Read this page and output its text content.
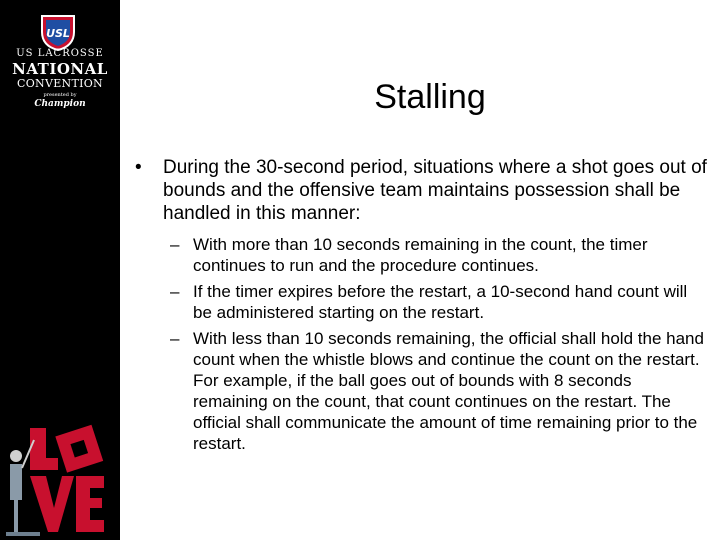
USL
US LACROSSE
NATIONAL
CONVENTION
presented by
Champion	Stalling

• During the 30-second period, situations where a shot goes out of bounds and the offensive team maintains possession shall be handled in this manner:

– With more than 10 seconds remaining in the count, the timer continues to run and the procedure continues.
– If the timer expires before the restart, a 10-second hand count will be administered starting on the restart.
– With less than 10 seconds remaining, the official shall hold the hand count when the whistle blows and continue the count on the restart. For example, if the ball goes out of bounds with 8 seconds remaining on the count, that count continues on the restart. The official shall communicate the amount of time remaining prior to the restart.
